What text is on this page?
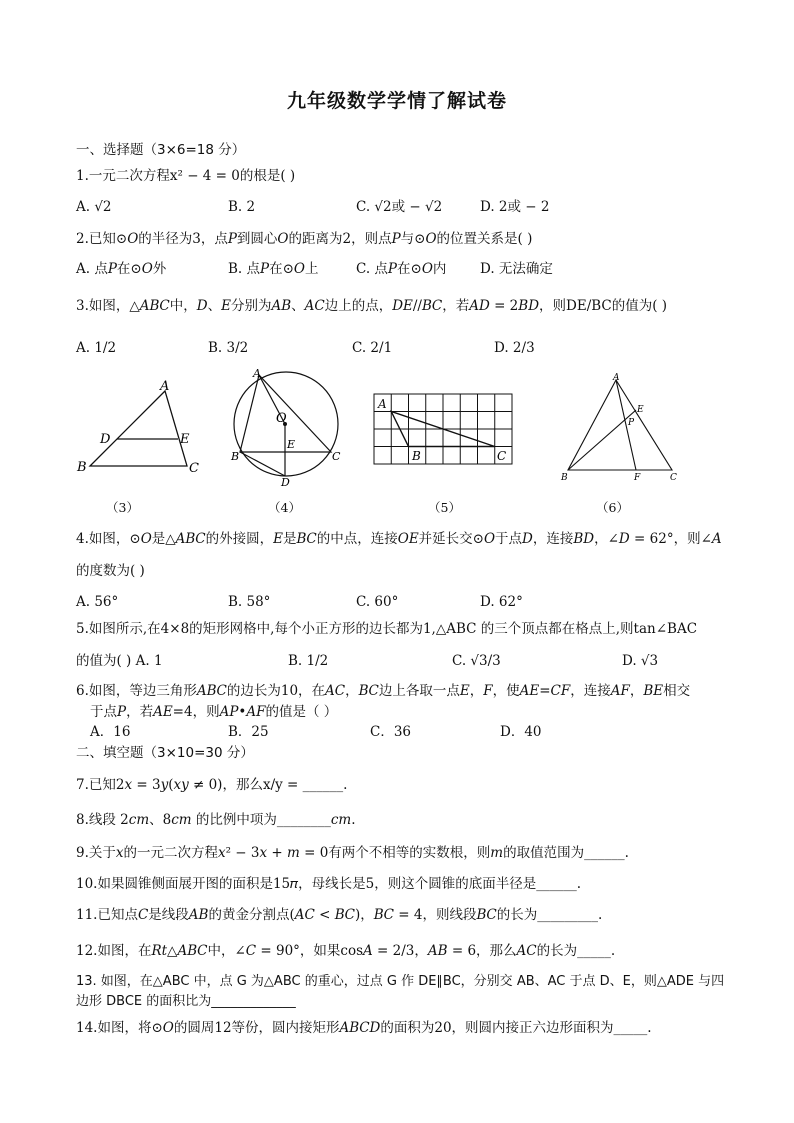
九年级数学学情了解试卷
一、选择题（3×6=18 分）
1.一元二次方程x² − 4 = 0的根是( )
A. √2	B. 2	C. √2或 − √2	D. 2或 − 2
2.已知⊙𝑂的半径为3，点𝑃到圆心𝑂的距离为2，则点𝑃与⊙𝑂的位置关系是( )
A. 点𝑃在⊙𝑂外	B. 点𝑃在⊙𝑂上	C. 点𝑃在⊙𝑂内 D. 无法确定
3.如图，△𝐴𝐵𝐶中，𝐷、𝐸分别为𝐴𝐵、𝐴𝐶边上的点，𝐷𝐸//𝐵𝐶，若𝐴𝐷 = 2𝐵𝐷，则DE/BC的值为( )
A. 1/2	B. 3/2	C. 2/1	D. 2/3
A
B	C
D	E
（3）
A
B	C
D
E
O
（4）
A
B	C
（5）
A
B	C
E
F
P
（6）
4.如图，⊙𝑂是△𝐴𝐵𝐶的外接圆，𝐸是𝐵𝐶的中点，连接𝑂𝐸并延长交⊙𝑂于点𝐷，连接𝐵𝐷，∠𝐷 = 62°，则∠𝐴
的度数为( )
A. 56°	B. 58°	C. 60°	D. 62°
5.如图所示,在4×8的矩形网格中,每个小正方形的边长都为1,△ABC 的三个顶点都在格点上,则tan∠BAC
的值为( ) A. 1	B. 1/2	C. √3/3	D. √3
6.如图，等边三角形𝐴𝐵𝐶的边长为10，在𝐴𝐶，𝐵𝐶边上各取一点𝐸，𝐹，使𝐴𝐸=𝐶𝐹，连接𝐴𝐹，𝐵𝐸相交
于点𝑃，若𝐴𝐸=4，则𝐴𝑃•𝐴𝐹的值是（ ）
A．16	B．25	C．36	D．40
二、填空题（3×10=30 分）
7.已知2𝑥 = 3𝑦(𝑥𝑦 ≠ 0)，那么x/y = ______.
8.线段 2𝑐𝑚、8𝑐𝑚 的比例中项为________𝑐𝑚.
9.关于𝑥的一元二次方程𝑥² − 3𝑥 + 𝑚 = 0有两个不相等的实数根，则𝑚的取值范围为______.
10.如果圆锥侧面展开图的面积是15𝜋，母线长是5，则这个圆锥的底面半径是______.
11.已知点𝐶是线段𝐴𝐵的黄金分割点(𝐴𝐶 < 𝐵𝐶)，𝐵𝐶 = 4，则线段𝐵𝐶的长为_________.
12.如图，在𝑅𝑡△𝐴𝐵𝐶中，∠𝐶 = 90°，如果cos𝐴 = 2/3，𝐴𝐵 = 6，那么𝐴𝐶的长为_____.
13. 如图，在△ABC 中，点 G 为△ABC 的重心，过点 G 作 DE∥BC，分别交 AB、AC 于点 D、E，则△ADE 与四
边形 DBCE 的面积比为_____________
14.如图，将⊙𝑂的圆周12等份，圆内接矩形𝐴𝐵𝐶𝐷的面积为20，则圆内接正六边形面积为_____.
